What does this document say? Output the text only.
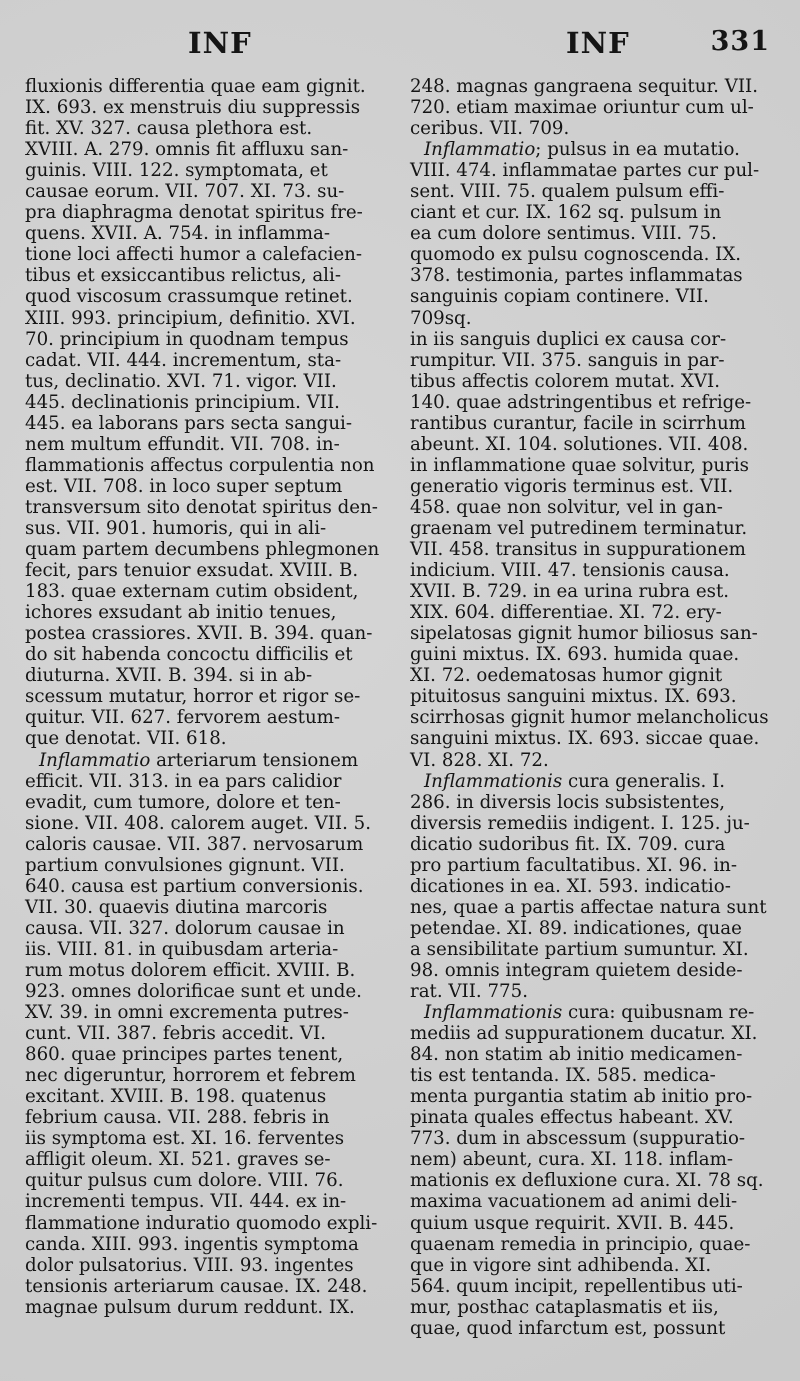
INF	INF	331

fluxionis differentia quae eam gignit.
IX. 693. ex menstruis diu suppressis
fit. XV. 327. causa plethora est.
XVIII. A. 279. omnis fit affluxu san-
guinis. VIII. 122. symptomata, et
causae eorum. VII. 707. XI. 73. su-
pra diaphragma denotat spiritus fre-
quens. XVII. A. 754. in inflamma-
tione loci affecti humor a calefacien-
tibus et exsiccantibus relictus, ali-
quod viscosum crassumque retinet.
XIII. 993. principium, definitio. XVI.
70. principium in quodnam tempus
cadat. VII. 444. incrementum, sta-
tus, declinatio. XVI. 71. vigor. VII.
445. declinationis principium. VII.
445. ea laborans pars secta sangui-
nem multum effundit. VII. 708. in-
flammationis affectus corpulentia non
est. VII. 708. in loco super septum
transversum sito denotat spiritus den-
sus. VII. 901. humoris, qui in ali-
quam partem decumbens phlegmonen
fecit, pars tenuior exsudat. XVIII. B.
183. quae externam cutim obsident,
ichores exsudant ab initio tenues,
postea crassiores. XVII. B. 394. quan-
do sit habenda concoctu difficilis et
diuturna. XVII. B. 394. si in ab-
scessum mutatur, horror et rigor se-
quitur. VII. 627. fervorem aestum-
que denotat. VII. 618.

Inflammatio arteriarum tensionem
efficit. VII. 313. in ea pars calidior
evadit, cum tumore, dolore et ten-
sione. VII. 408. calorem auget. VII. 5.
caloris causae. VII. 387. nervosarum
partium convulsiones gignunt. VII.
640. causa est partium conversionis.
VII. 30. quaevis diutina marcoris
causa. VII. 327. dolorum causae in
iis. VIII. 81. in quibusdam arteria-
rum motus dolorem efficit. XVIII. B.
923. omnes dolorificae sunt et unde.
XV. 39. in omni excrementa putres-
cunt. VII. 387. febris accedit. VI.
860. quae principes partes tenent,
nec digeruntur, horrorem et febrem
excitant. XVIII. B. 198. quatenus
febrium causa. VII. 288. febris in
iis symptoma est. XI. 16. ferventes
affligit oleum. XI. 521. graves se-
quitur pulsus cum dolore. VIII. 76.
incrementi tempus. VII. 444. ex in-
flammatione induratio quomodo expli-
canda. XIII. 993. ingentis symptoma
dolor pulsatorius. VIII. 93. ingentes
tensionis arteriarum causae. IX. 248.
magnae pulsum durum reddunt. IX.

248. magnas gangraena sequitur. VII.
720. etiam maximae oriuntur cum ul-
ceribus. VII. 709.

Inflammatio; pulsus in ea mutatio.
VIII. 474. inflammatae partes cur pul-
sent. VIII. 75. qualem pulsum effi-
ciant et cur. IX. 162 sq. pulsum in
ea cum dolore sentimus. VIII. 75.
quomodo ex pulsu cognoscenda. IX.
378. testimonia, partes inflammatas
sanguinis copiam continere. VII. 709sq.
in iis sanguis duplici ex causa cor-
rumpitur. VII. 375. sanguis in par-
tibus affectis colorem mutat. XVI.
140. quae adstringentibus et refrige-
rantibus curantur, facile in scirrhum
abeunt. XI. 104. solutiones. VII. 408.
in inflammatione quae solvitur, puris
generatio vigoris terminus est. VII.
458. quae non solvitur, vel in gan-
graenam vel putredinem terminatur.
VII. 458. transitus in suppurationem
indicium. VIII. 47. tensionis causa.
XVII. B. 729. in ea urina rubra est.
XIX. 604. differentiae. XI. 72. ery-
sipelatosas gignit humor biliosus san-
guini mixtus. IX. 693. humida quae.
XI. 72. oedematosas humor gignit
pituitosus sanguini mixtus. IX. 693.
scirrhosas gignit humor melancholicus
sanguini mixtus. IX. 693. siccae quae.
VI. 828. XI. 72.

Inflammationis cura generalis. I.
286. in diversis locis subsistentes,
diversis remediis indigent. I. 125. ju-
dicatio sudoribus fit. IX. 709. cura
pro partium facultatibus. XI. 96. in-
dicationes in ea. XI. 593. indicatio-
nes, quae a partis affectae natura sunt
petendae. XI. 89. indicationes, quae
a sensibilitate partium sumuntur. XI.
98. omnis integram quietem deside-
rat. VII. 775.

Inflammationis cura: quibusnam re-
mediis ad suppurationem ducatur. XI.
84. non statim ab initio medicamen-
tis est tentanda. IX. 585. medica-
menta purgantia statim ab initio pro-
pinata quales effectus habeant. XV.
773. dum in abscessum (suppuratio-
nem) abeunt, cura. XI. 118. inflam-
mationis ex defluxione cura. XI. 78 sq.
maxima vacuationem ad animi deli-
quium usque requirit. XVII. B. 445.
quaenam remedia in principio, quae-
que in vigore sint adhibenda. XI.
564. quum incipit, repellentibus uti-
mur, posthac cataplasmatis et iis,
quae, quod infarctum est, possunt
